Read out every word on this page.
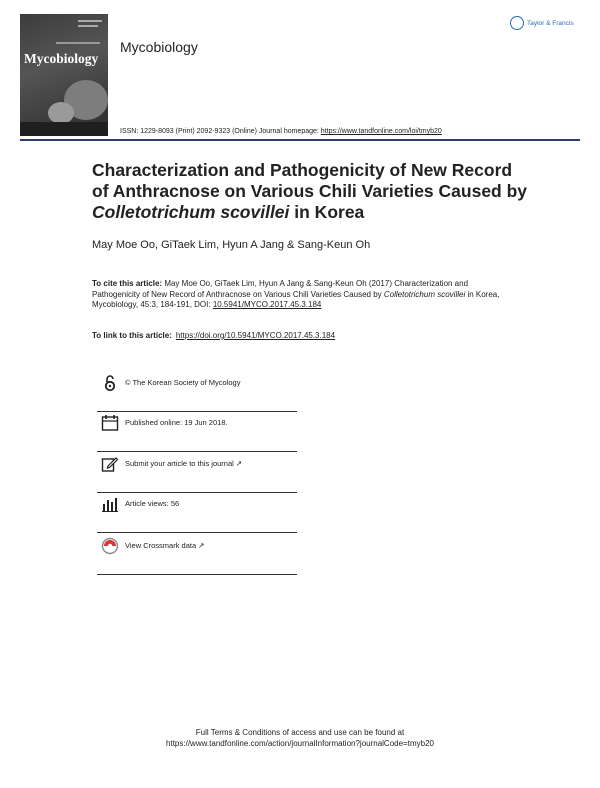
Mycobiology
Mycobiology
Taylor & Francis
ISSN: 1229-8093 (Print) 2092-9323 (Online) Journal homepage: https://www.tandfonline.com/loi/tmyb20
Characterization and Pathogenicity of New Record of Anthracnose on Various Chili Varieties Caused by Colletotrichum scovillei in Korea
May Moe Oo, GiTaek Lim, Hyun A Jang & Sang-Keun Oh
To cite this article: May Moe Oo, GiTaek Lim, Hyun A Jang & Sang-Keun Oh (2017) Characterization and Pathogenicity of New Record of Anthracnose on Various Chili Varieties Caused by Colletotrichum scovillei in Korea, Mycobiology, 45:3, 184-191, DOI: 10.5941/MYCO.2017.45.3.184
To link to this article: https://doi.org/10.5941/MYCO.2017.45.3.184
© The Korean Society of Mycology
Published online: 19 Jun 2018.
Submit your article to this journal ↗
Article views: 56
View Crossmark data ↗
Full Terms & Conditions of access and use can be found at
https://www.tandfonline.com/action/journalInformation?journalCode=tmyb20
